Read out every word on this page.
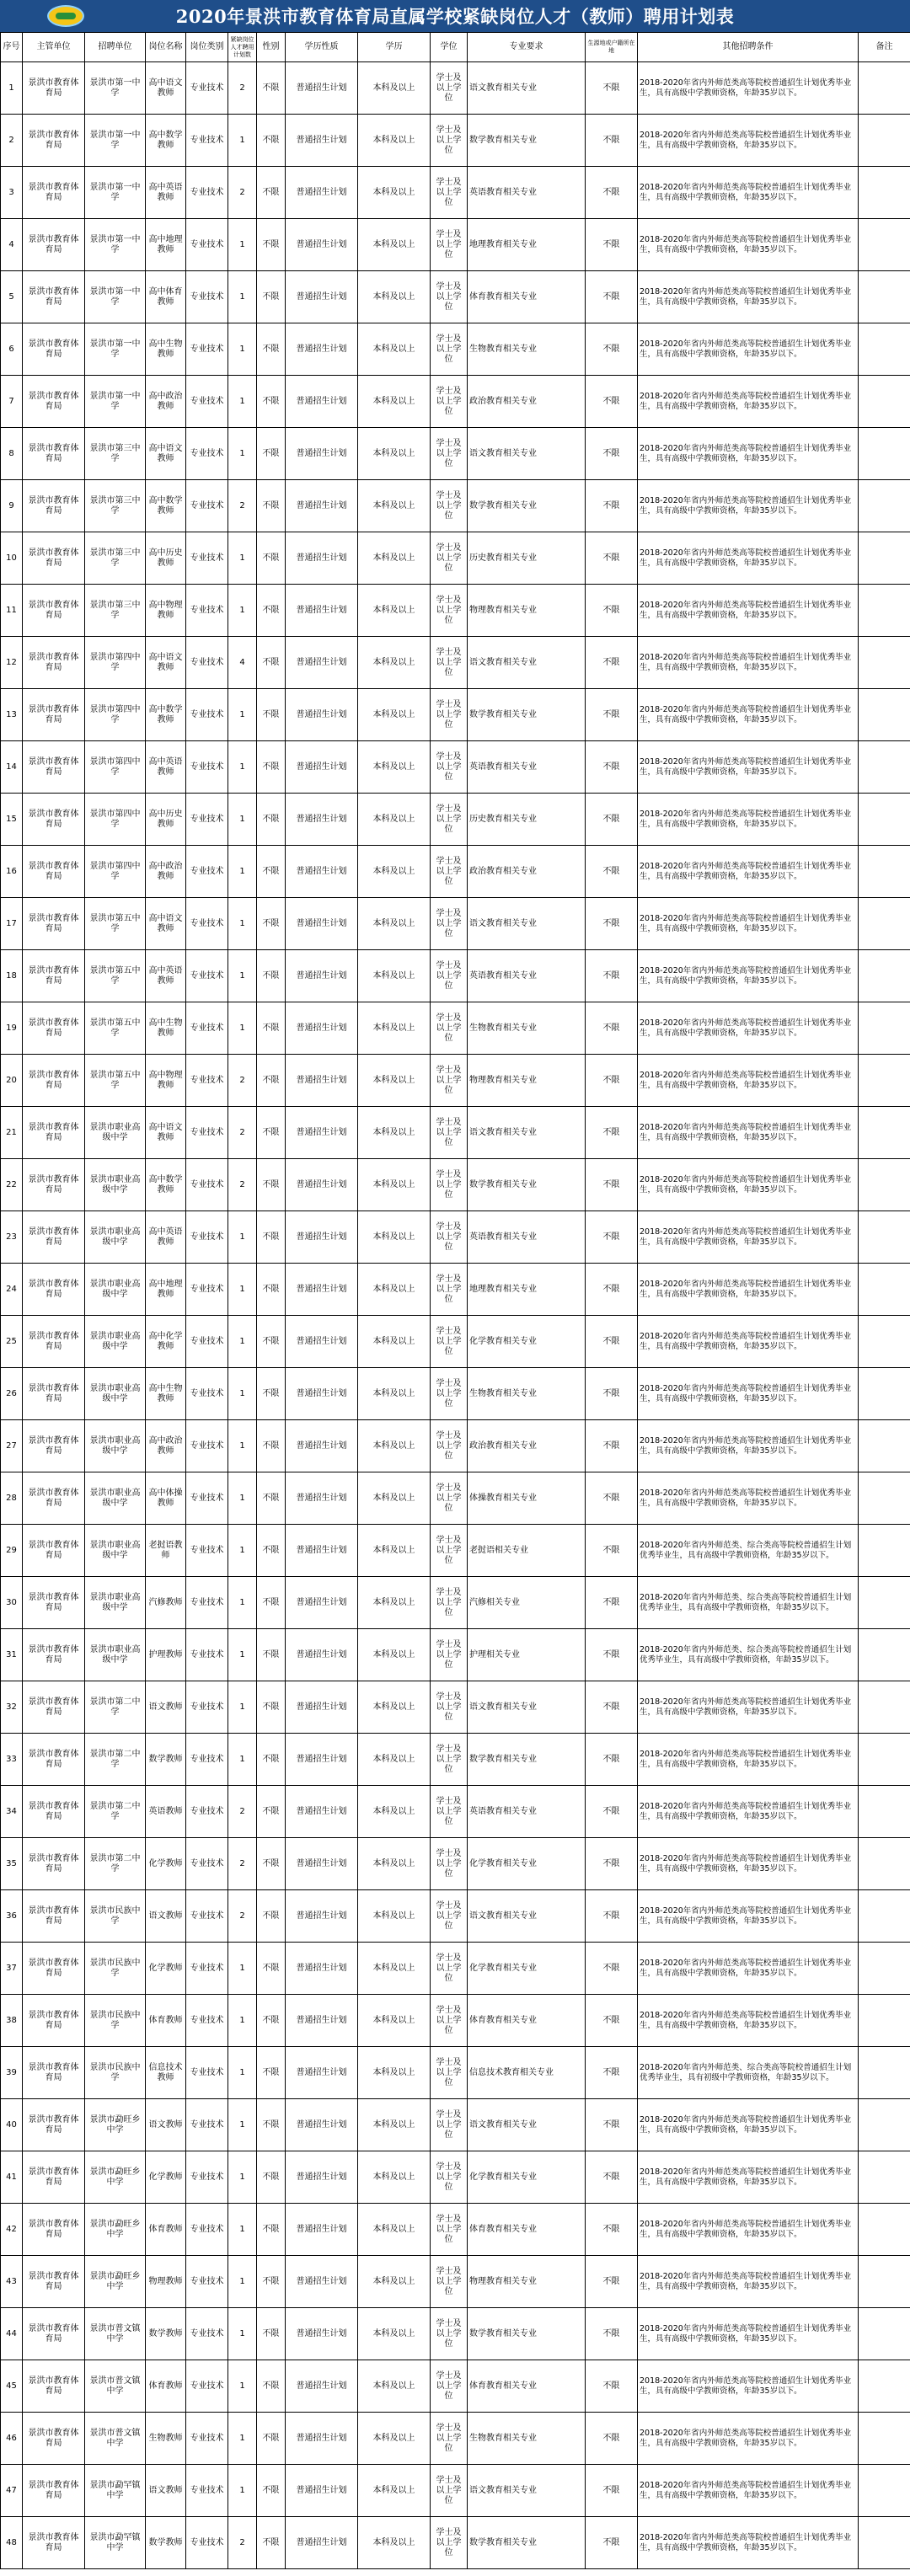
2020年景洪市教育体育局直属学校紧缺岗位人才（教师）聘用计划表
序号	主管单位	招聘单位	岗位名称	岗位类别	紧缺岗位人才聘用计划数	性别	学历性质	学历	学位	专业要求	生源地或户籍所在地	其他招聘条件	备注
1	景洪市教育体育局	景洪市第一中学	高中语文教师	专业技术	2	不限	普通招生计划	本科及以上	学士及以上学位	语文教育相关专业	不限	2018-2020年省内外师范类高等院校普通招生计划优秀毕业生，具有高级中学教师资格，年龄35岁以下。	
2	景洪市教育体育局	景洪市第一中学	高中数学教师	专业技术	1	不限	普通招生计划	本科及以上	学士及以上学位	数学教育相关专业	不限	2018-2020年省内外师范类高等院校普通招生计划优秀毕业生，具有高级中学教师资格，年龄35岁以下。	
3	景洪市教育体育局	景洪市第一中学	高中英语教师	专业技术	2	不限	普通招生计划	本科及以上	学士及以上学位	英语教育相关专业	不限	2018-2020年省内外师范类高等院校普通招生计划优秀毕业生，具有高级中学教师资格，年龄35岁以下。	
4	景洪市教育体育局	景洪市第一中学	高中地理教师	专业技术	1	不限	普通招生计划	本科及以上	学士及以上学位	地理教育相关专业	不限	2018-2020年省内外师范类高等院校普通招生计划优秀毕业生，具有高级中学教师资格，年龄35岁以下。	
5	景洪市教育体育局	景洪市第一中学	高中体育教师	专业技术	1	不限	普通招生计划	本科及以上	学士及以上学位	体育教育相关专业	不限	2018-2020年省内外师范类高等院校普通招生计划优秀毕业生，具有高级中学教师资格，年龄35岁以下。	
6	景洪市教育体育局	景洪市第一中学	高中生物教师	专业技术	1	不限	普通招生计划	本科及以上	学士及以上学位	生物教育相关专业	不限	2018-2020年省内外师范类高等院校普通招生计划优秀毕业生，具有高级中学教师资格，年龄35岁以下。	
7	景洪市教育体育局	景洪市第一中学	高中政治教师	专业技术	1	不限	普通招生计划	本科及以上	学士及以上学位	政治教育相关专业	不限	2018-2020年省内外师范类高等院校普通招生计划优秀毕业生，具有高级中学教师资格，年龄35岁以下。	
8	景洪市教育体育局	景洪市第三中学	高中语文教师	专业技术	1	不限	普通招生计划	本科及以上	学士及以上学位	语文教育相关专业	不限	2018-2020年省内外师范类高等院校普通招生计划优秀毕业生，具有高级中学教师资格，年龄35岁以下。	
9	景洪市教育体育局	景洪市第三中学	高中数学教师	专业技术	2	不限	普通招生计划	本科及以上	学士及以上学位	数学教育相关专业	不限	2018-2020年省内外师范类高等院校普通招生计划优秀毕业生，具有高级中学教师资格，年龄35岁以下。	
10	景洪市教育体育局	景洪市第三中学	高中历史教师	专业技术	1	不限	普通招生计划	本科及以上	学士及以上学位	历史教育相关专业	不限	2018-2020年省内外师范类高等院校普通招生计划优秀毕业生，具有高级中学教师资格，年龄35岁以下。	
11	景洪市教育体育局	景洪市第三中学	高中物理教师	专业技术	1	不限	普通招生计划	本科及以上	学士及以上学位	物理教育相关专业	不限	2018-2020年省内外师范类高等院校普通招生计划优秀毕业生，具有高级中学教师资格，年龄35岁以下。	
12	景洪市教育体育局	景洪市第四中学	高中语文教师	专业技术	4	不限	普通招生计划	本科及以上	学士及以上学位	语文教育相关专业	不限	2018-2020年省内外师范类高等院校普通招生计划优秀毕业生，具有高级中学教师资格，年龄35岁以下。	
13	景洪市教育体育局	景洪市第四中学	高中数学教师	专业技术	1	不限	普通招生计划	本科及以上	学士及以上学位	数学教育相关专业	不限	2018-2020年省内外师范类高等院校普通招生计划优秀毕业生，具有高级中学教师资格，年龄35岁以下。	
14	景洪市教育体育局	景洪市第四中学	高中英语教师	专业技术	1	不限	普通招生计划	本科及以上	学士及以上学位	英语教育相关专业	不限	2018-2020年省内外师范类高等院校普通招生计划优秀毕业生，具有高级中学教师资格，年龄35岁以下。	
15	景洪市教育体育局	景洪市第四中学	高中历史教师	专业技术	1	不限	普通招生计划	本科及以上	学士及以上学位	历史教育相关专业	不限	2018-2020年省内外师范类高等院校普通招生计划优秀毕业生，具有高级中学教师资格，年龄35岁以下。	
16	景洪市教育体育局	景洪市第四中学	高中政治教师	专业技术	1	不限	普通招生计划	本科及以上	学士及以上学位	政治教育相关专业	不限	2018-2020年省内外师范类高等院校普通招生计划优秀毕业生，具有高级中学教师资格，年龄35岁以下。	
17	景洪市教育体育局	景洪市第五中学	高中语文教师	专业技术	1	不限	普通招生计划	本科及以上	学士及以上学位	语文教育相关专业	不限	2018-2020年省内外师范类高等院校普通招生计划优秀毕业生，具有高级中学教师资格，年龄35岁以下。	
18	景洪市教育体育局	景洪市第五中学	高中英语教师	专业技术	1	不限	普通招生计划	本科及以上	学士及以上学位	英语教育相关专业	不限	2018-2020年省内外师范类高等院校普通招生计划优秀毕业生，具有高级中学教师资格，年龄35岁以下。	
19	景洪市教育体育局	景洪市第五中学	高中生物教师	专业技术	1	不限	普通招生计划	本科及以上	学士及以上学位	生物教育相关专业	不限	2018-2020年省内外师范类高等院校普通招生计划优秀毕业生，具有高级中学教师资格，年龄35岁以下。	
20	景洪市教育体育局	景洪市第五中学	高中物理教师	专业技术	2	不限	普通招生计划	本科及以上	学士及以上学位	物理教育相关专业	不限	2018-2020年省内外师范类高等院校普通招生计划优秀毕业生，具有高级中学教师资格，年龄35岁以下。	
21	景洪市教育体育局	景洪市职业高级中学	高中语文教师	专业技术	2	不限	普通招生计划	本科及以上	学士及以上学位	语文教育相关专业	不限	2018-2020年省内外师范类高等院校普通招生计划优秀毕业生，具有高级中学教师资格，年龄35岁以下。	
22	景洪市教育体育局	景洪市职业高级中学	高中数学教师	专业技术	2	不限	普通招生计划	本科及以上	学士及以上学位	数学教育相关专业	不限	2018-2020年省内外师范类高等院校普通招生计划优秀毕业生，具有高级中学教师资格，年龄35岁以下。	
23	景洪市教育体育局	景洪市职业高级中学	高中英语教师	专业技术	1	不限	普通招生计划	本科及以上	学士及以上学位	英语教育相关专业	不限	2018-2020年省内外师范类高等院校普通招生计划优秀毕业生，具有高级中学教师资格，年龄35岁以下。	
24	景洪市教育体育局	景洪市职业高级中学	高中地理教师	专业技术	1	不限	普通招生计划	本科及以上	学士及以上学位	地理教育相关专业	不限	2018-2020年省内外师范类高等院校普通招生计划优秀毕业生，具有高级中学教师资格，年龄35岁以下。	
25	景洪市教育体育局	景洪市职业高级中学	高中化学教师	专业技术	1	不限	普通招生计划	本科及以上	学士及以上学位	化学教育相关专业	不限	2018-2020年省内外师范类高等院校普通招生计划优秀毕业生，具有高级中学教师资格，年龄35岁以下。	
26	景洪市教育体育局	景洪市职业高级中学	高中生物教师	专业技术	1	不限	普通招生计划	本科及以上	学士及以上学位	生物教育相关专业	不限	2018-2020年省内外师范类高等院校普通招生计划优秀毕业生，具有高级中学教师资格，年龄35岁以下。	
27	景洪市教育体育局	景洪市职业高级中学	高中政治教师	专业技术	1	不限	普通招生计划	本科及以上	学士及以上学位	政治教育相关专业	不限	2018-2020年省内外师范类高等院校普通招生计划优秀毕业生，具有高级中学教师资格，年龄35岁以下。	
28	景洪市教育体育局	景洪市职业高级中学	高中体操教师	专业技术	1	不限	普通招生计划	本科及以上	学士及以上学位	体操教育相关专业	不限	2018-2020年省内外师范类高等院校普通招生计划优秀毕业生，具有高级中学教师资格，年龄35岁以下。	
29	景洪市教育体育局	景洪市职业高级中学	老挝语教师	专业技术	1	不限	普通招生计划	本科及以上	学士及以上学位	老挝语相关专业	不限	2018-2020年省内外师范类、综合类高等院校普通招生计划优秀毕业生，具有高级中学教师资格，年龄35岁以下。	
30	景洪市教育体育局	景洪市职业高级中学	汽修教师	专业技术	1	不限	普通招生计划	本科及以上	学士及以上学位	汽修相关专业	不限	2018-2020年省内外师范类、综合类高等院校普通招生计划优秀毕业生，具有高级中学教师资格，年龄35岁以下。	
31	景洪市教育体育局	景洪市职业高级中学	护理教师	专业技术	1	不限	普通招生计划	本科及以上	学士及以上学位	护理相关专业	不限	2018-2020年省内外师范类、综合类高等院校普通招生计划优秀毕业生，具有高级中学教师资格，年龄35岁以下。	
32	景洪市教育体育局	景洪市第二中学	语文教师	专业技术	1	不限	普通招生计划	本科及以上	学士及以上学位	语文教育相关专业	不限	2018-2020年省内外师范类高等院校普通招生计划优秀毕业生，具有高级中学教师资格，年龄35岁以下。	
33	景洪市教育体育局	景洪市第二中学	数学教师	专业技术	1	不限	普通招生计划	本科及以上	学士及以上学位	数学教育相关专业	不限	2018-2020年省内外师范类高等院校普通招生计划优秀毕业生，具有高级中学教师资格，年龄35岁以下。	
34	景洪市教育体育局	景洪市第二中学	英语教师	专业技术	2	不限	普通招生计划	本科及以上	学士及以上学位	英语教育相关专业	不限	2018-2020年省内外师范类高等院校普通招生计划优秀毕业生，具有高级中学教师资格，年龄35岁以下。	
35	景洪市教育体育局	景洪市第二中学	化学教师	专业技术	2	不限	普通招生计划	本科及以上	学士及以上学位	化学教育相关专业	不限	2018-2020年省内外师范类高等院校普通招生计划优秀毕业生，具有高级中学教师资格，年龄35岁以下。	
36	景洪市教育体育局	景洪市民族中学	语文教师	专业技术	2	不限	普通招生计划	本科及以上	学士及以上学位	语文教育相关专业	不限	2018-2020年省内外师范类高等院校普通招生计划优秀毕业生，具有高级中学教师资格，年龄35岁以下。	
37	景洪市教育体育局	景洪市民族中学	化学教师	专业技术	1	不限	普通招生计划	本科及以上	学士及以上学位	化学教育相关专业	不限	2018-2020年省内外师范类高等院校普通招生计划优秀毕业生，具有高级中学教师资格，年龄35岁以下。	
38	景洪市教育体育局	景洪市民族中学	体育教师	专业技术	1	不限	普通招生计划	本科及以上	学士及以上学位	体育教育相关专业	不限	2018-2020年省内外师范类高等院校普通招生计划优秀毕业生，具有高级中学教师资格，年龄35岁以下。	
39	景洪市教育体育局	景洪市民族中学	信息技术教师	专业技术	1	不限	普通招生计划	本科及以上	学士及以上学位	信息技术教育相关专业	不限	2018-2020年省内外师范类、综合类高等院校普通招生计划优秀毕业生，具有初级中学教师资格，年龄35岁以下。	
40	景洪市教育体育局	景洪市勐旺乡中学	语文教师	专业技术	1	不限	普通招生计划	本科及以上	学士及以上学位	语文教育相关专业	不限	2018-2020年省内外师范类高等院校普通招生计划优秀毕业生，具有高级中学教师资格，年龄35岁以下。	
41	景洪市教育体育局	景洪市勐旺乡中学	化学教师	专业技术	1	不限	普通招生计划	本科及以上	学士及以上学位	化学教育相关专业	不限	2018-2020年省内外师范类高等院校普通招生计划优秀毕业生，具有高级中学教师资格，年龄35岁以下。	
42	景洪市教育体育局	景洪市勐旺乡中学	体育教师	专业技术	1	不限	普通招生计划	本科及以上	学士及以上学位	体育教育相关专业	不限	2018-2020年省内外师范类高等院校普通招生计划优秀毕业生，具有高级中学教师资格，年龄35岁以下。	
43	景洪市教育体育局	景洪市勐旺乡中学	物理教师	专业技术	1	不限	普通招生计划	本科及以上	学士及以上学位	物理教育相关专业	不限	2018-2020年省内外师范类高等院校普通招生计划优秀毕业生，具有高级中学教师资格，年龄35岁以下。	
44	景洪市教育体育局	景洪市普文镇中学	数学教师	专业技术	1	不限	普通招生计划	本科及以上	学士及以上学位	数学教育相关专业	不限	2018-2020年省内外师范类高等院校普通招生计划优秀毕业生，具有高级中学教师资格，年龄35岁以下。	
45	景洪市教育体育局	景洪市普文镇中学	体育教师	专业技术	1	不限	普通招生计划	本科及以上	学士及以上学位	体育教育相关专业	不限	2018-2020年省内外师范类高等院校普通招生计划优秀毕业生，具有高级中学教师资格，年龄35岁以下。	
46	景洪市教育体育局	景洪市普文镇中学	生物教师	专业技术	1	不限	普通招生计划	本科及以上	学士及以上学位	生物教育相关专业	不限	2018-2020年省内外师范类高等院校普通招生计划优秀毕业生，具有高级中学教师资格，年龄35岁以下。	
47	景洪市教育体育局	景洪市勐罕镇中学	语文教师	专业技术	1	不限	普通招生计划	本科及以上	学士及以上学位	语文教育相关专业	不限	2018-2020年省内外师范类高等院校普通招生计划优秀毕业生，具有高级中学教师资格，年龄35岁以下。	
48	景洪市教育体育局	景洪市勐罕镇中学	数学教师	专业技术	2	不限	普通招生计划	本科及以上	学士及以上学位	数学教育相关专业	不限	2018-2020年省内外师范类高等院校普通招生计划优秀毕业生，具有高级中学教师资格，年龄35岁以下。	
